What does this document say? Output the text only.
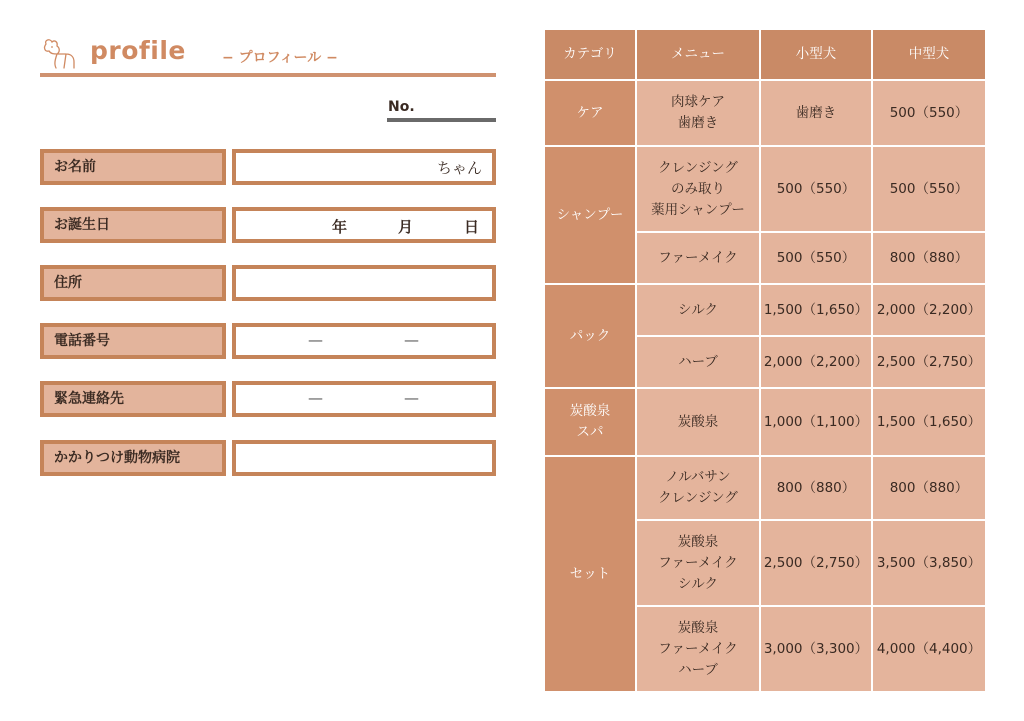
profile	− プロフィール −
No.
お名前	ちゃん
お誕生日	年	月	日
住所
電話番号	—	—
緊急連絡先	—	—
かかりつけ動物病院
カテゴリ	メニュー	小型犬	中型犬

ケア	肉球ケア
歯磨き	歯磨き	500（550）

シャンプー	クレンジング
のみ取り
薬用シャンプー	500（550）	500（550）

	ファーメイク	500（550）	800（880）

パック	シルク	1,500（1,650）	2,000（2,200）

	ハーブ	2,000（2,200）	2,500（2,750）

炭酸泉
スパ	炭酸泉	1,000（1,100）	1,500（1,650）

セット	ノルバサン
クレンジング	800（880）	800（880）

	炭酸泉
ファーメイク
シルク	2,500（2,750）	3,500（3,850）

	炭酸泉
ファーメイク
ハーブ	3,000（3,300）	4,000（4,400）
